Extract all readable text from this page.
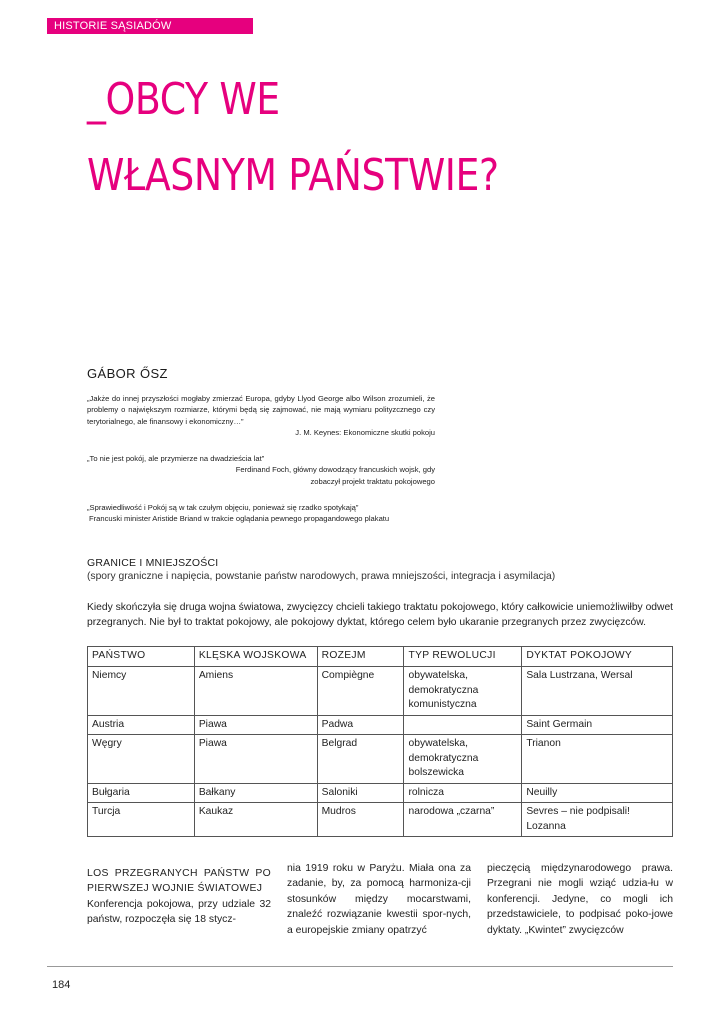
HISTORIE SĄSIADÓW
_OBCY WE
WŁASNYM PAŃSTWIE?
GÁBOR ŐSZ

„Jakże do innej przyszłości mogłaby zmierzać Europa, gdyby Llyod George albo Wilson zrozumieli, że problemy o największym rozmiarze, którymi będą się zajmować, nie mają wymiaru polityzcznego czy terytorialnego, ale finansowy i ekonomiczny…”
J. M. Keynes: Ekonomiczne skutki pokoju

„To nie jest pokój, ale przymierze na dwadzieścia lat”
Ferdinand Foch, główny dowodzący francuskich wojsk, gdy zobaczył projekt traktatu pokojowego

„Sprawiedliwość i Pokój są w tak czułym objęciu, ponieważ się rzadko spotykają”
Francuski minister Aristide Briand w trakcie oglądania pewnego propagandowego plakatu

GRANICE I MNIEJSZOŚCI
(spory graniczne i napięcia, powstanie państw narodowych, prawa mniejszości, integracja i asymilacja)

Kiedy skończyła się druga wojna światowa, zwycięzcy chcieli takiego traktatu pokojowego, który całkowicie uniemożliwiłby odwet przegranych. Nie był to traktat pokojowy, ale pokojowy dyktat, którego celem było ukaranie przegranych przez zwycięzców.

PAŃSTWO	KLĘSKA WOJSKOWA	ROZEJM	TYP REWOLUCJI	DYKTAT POKOJOWY
Niemcy	Amiens	Compiègne	obywatelska, demokratyczna komunistyczna	Sala Lustrzana, Wersal
Austria	Piawa	Padwa		Saint Germain
Węgry	Piawa	Belgrad	obywatelska, demokratyczna bolszewicka	Trianon
Bułgaria	Bałkany	Saloniki	rolnicza	Neuilly
Turcja	Kaukaz	Mudros	narodowa „czarna”	Sevres – nie podpisali! Lozanna
LOS PRZEGRANYCH PAŃSTW PO PIERWSZEJ WOJNIE ŚWIATOWEJ
Konferencja pokojowa, przy udziale 32 państw, rozpoczęła się 18 stycz-
nia 1919 roku w Paryżu. Miała ona za zadanie, by, za pomocą harmoniza-cji stosunków między mocarstwami, znaleźć rozwiązanie kwestii spor-nych, a europejskie zmiany opatrzyć
pieczęcią międzynarodowego prawa. Przegrani nie mogli wziąć udzia-łu w konferencji. Jedyne, co mogli ich przedstawiciele, to podpisać poko-jowe dyktaty. „Kwintet” zwycięzców
184
